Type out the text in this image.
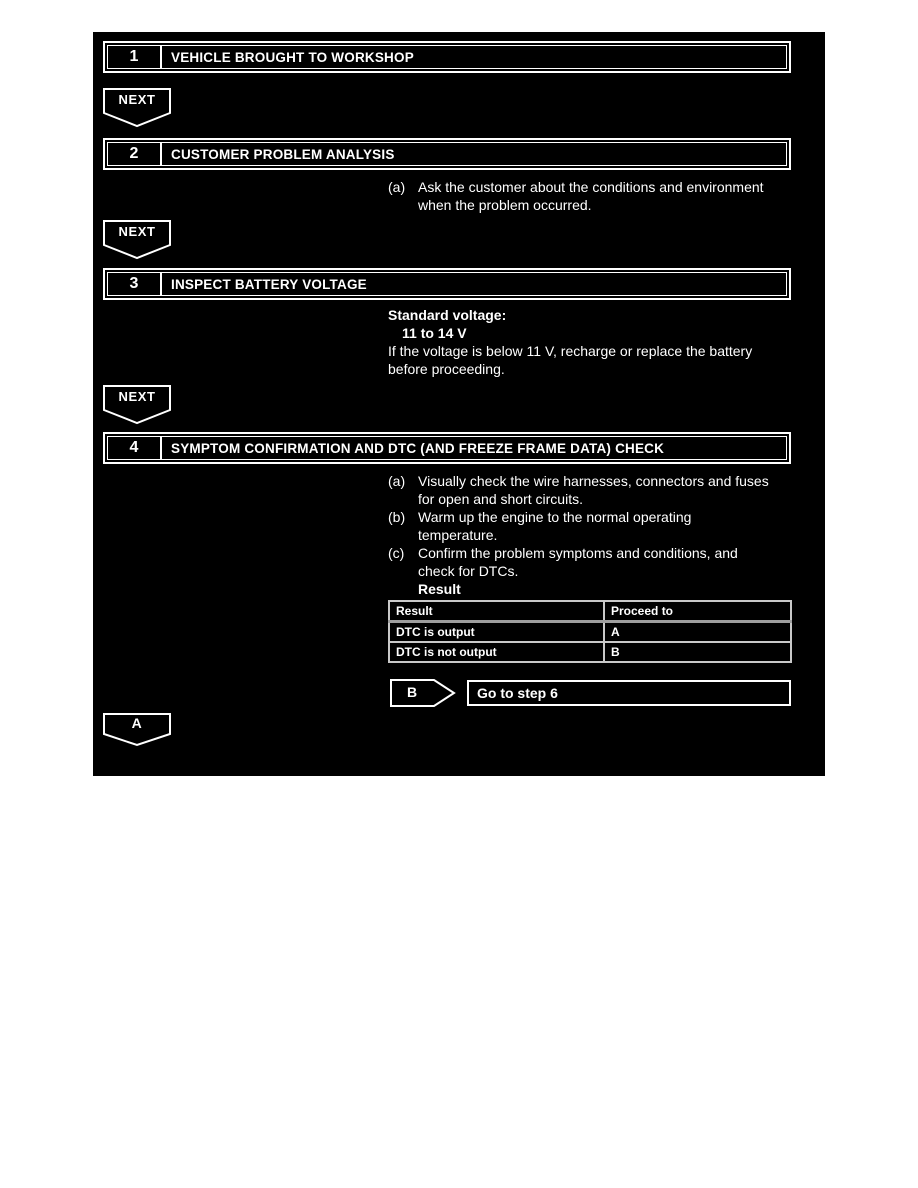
1	VEHICLE BROUGHT TO WORKSHOP
NEXT
2	CUSTOMER PROBLEM ANALYSIS
(a) Ask the customer about the conditions and environment when the problem occurred.
NEXT
3	INSPECT BATTERY VOLTAGE
Standard voltage:
11 to 14 V
If the voltage is below 11 V, recharge or replace the battery before proceeding.
NEXT
4	SYMPTOM CONFIRMATION AND DTC (AND FREEZE FRAME DATA) CHECK
(a) Visually check the wire harnesses, connectors and fuses for open and short circuits.
(b) Warm up the engine to the normal operating temperature.
(c) Confirm the problem symptoms and conditions, and check for DTCs.
Result
Result	Proceed to
DTC is output	A
DTC is not output	B
B	Go to step 6
A
